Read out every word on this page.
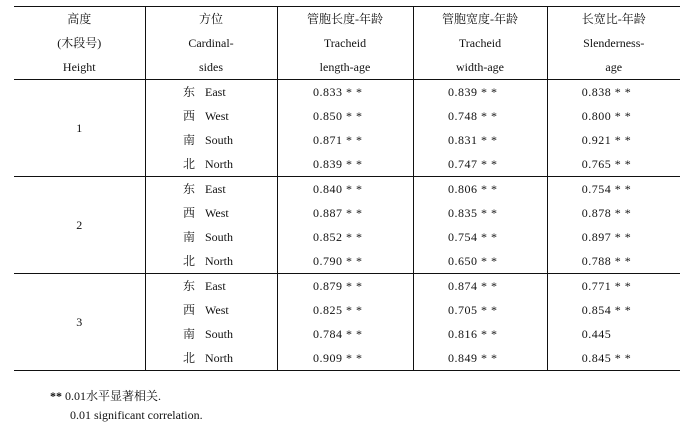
高度	方位	管胞长度-年龄	管胞宽度-年龄	长宽比-年龄
(木段号)	Cardinal-	Tracheid	Tracheid	Slenderness-
Height	sides	length-age	width-age	age
1	东 East	0.833 * *	0.839 * *	0.838 * *
	西 West	0.850 * *	0.748 * *	0.800 * *
	南 South	0.871 * *	0.831 * *	0.921 * *
	北 North	0.839 * *	0.747 * *	0.765 * *
2	东 East	0.840 * *	0.806 * *	0.754 * *
	西 West	0.887 * *	0.835 * *	0.878 * *
	南 South	0.852 * *	0.754 * *	0.897 * *
	北 North	0.790 * *	0.650 * *	0.788 * *
3	东 East	0.879 * *	0.874 * *	0.771 * *
	西 West	0.825 * *	0.705 * *	0.854 * *
	南 South	0.784 * *	0.816 * *	0.445
	北 North	0.909 * *	0.849 * *	0.845 * *
** 0.01水平显著相关.
0.01 significant correlation.
